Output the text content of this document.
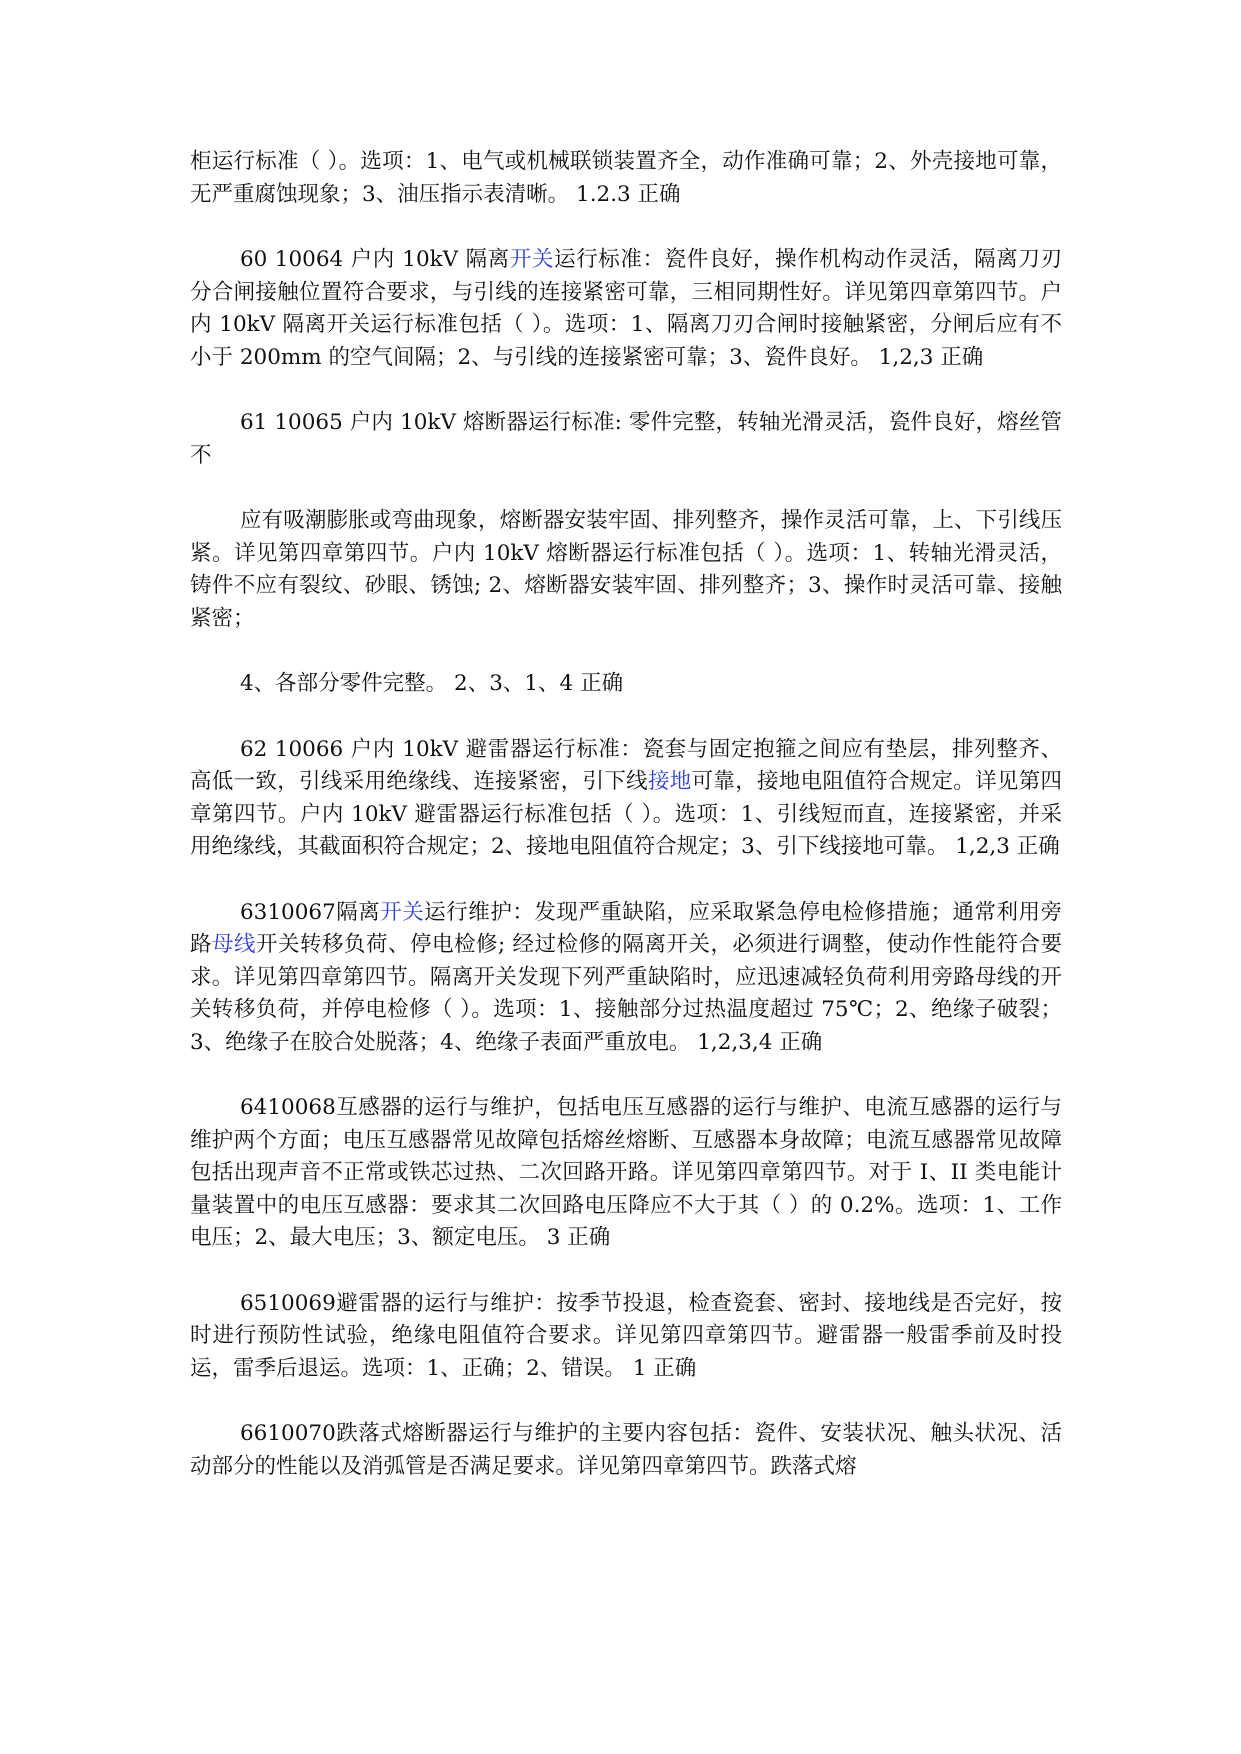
柜运行标准（ ）。选项：1、电气或机械联锁装置齐全，动作准确可靠；2、外壳接地可靠，无严重腐蚀现象；3、油压指示表清晰。 1.2.3 正确

60 10064 户内 10kV 隔离开关运行标准：瓷件良好，操作机构动作灵活，隔离刀刃分合闸接触位置符合要求，与引线的连接紧密可靠，三相同期性好。详见第四章第四节。户内 10kV 隔离开关运行标准包括（ ）。选项：1、隔离刀刃合闸时接触紧密，分闸后应有不小于 200mm 的空气间隔；2、与引线的连接紧密可靠；3、瓷件良好。 1,2,3 正确

61 10065 户内 10kV 熔断器运行标准: 零件完整，转轴光滑灵活，瓷件良好，熔丝管不

应有吸潮膨胀或弯曲现象，熔断器安装牢固、排列整齐，操作灵活可靠，上、下引线压紧。详见第四章第四节。户内 10kV 熔断器运行标准包括（ ）。选项：1、转轴光滑灵活，铸件不应有裂纹、砂眼、锈蚀; 2、熔断器安装牢固、排列整齐；3、操作时灵活可靠、接触紧密；

4、各部分零件完整。 2、3、1、4 正确

62 10066 户内 10kV 避雷器运行标准：瓷套与固定抱箍之间应有垫层，排列整齐、高低一致，引线采用绝缘线、连接紧密，引下线接地可靠，接地电阻值符合规定。详见第四章第四节。户内 10kV 避雷器运行标准包括（ ）。选项：1、引线短而直，连接紧密，并采用绝缘线，其截面积符合规定；2、接地电阻值符合规定；3、引下线接地可靠。 1,2,3 正确

6310067隔离开关运行维护：发现严重缺陷，应采取紧急停电检修措施；通常利用旁路母线开关转移负荷、停电检修; 经过检修的隔离开关，必须进行调整，使动作性能符合要求。详见第四章第四节。隔离开关发现下列严重缺陷时，应迅速减轻负荷利用旁路母线的开关转移负荷，并停电检修（ ）。选项：1、接触部分过热温度超过 75℃；2、绝缘子破裂；3、绝缘子在胶合处脱落；4、绝缘子表面严重放电。 1,2,3,4 正确

6410068互感器的运行与维护，包括电压互感器的运行与维护、电流互感器的运行与维护两个方面；电压互感器常见故障包括熔丝熔断、互感器本身故障；电流互感器常见故障包括出现声音不正常或铁芯过热、二次回路开路。详见第四章第四节。对于 I、II 类电能计量装置中的电压互感器：要求其二次回路电压降应不大于其（ ）的 0.2%。选项：1、工作电压；2、最大电压；3、额定电压。 3 正确

6510069避雷器的运行与维护：按季节投退，检查瓷套、密封、接地线是否完好，按时进行预防性试验，绝缘电阻值符合要求。详见第四章第四节。避雷器一般雷季前及时投运，雷季后退运。选项：1、正确；2、错误。 1 正确

6610070跌落式熔断器运行与维护的主要内容包括：瓷件、安装状况、触头状况、活动部分的性能以及消弧管是否满足要求。详见第四章第四节。跌落式熔
